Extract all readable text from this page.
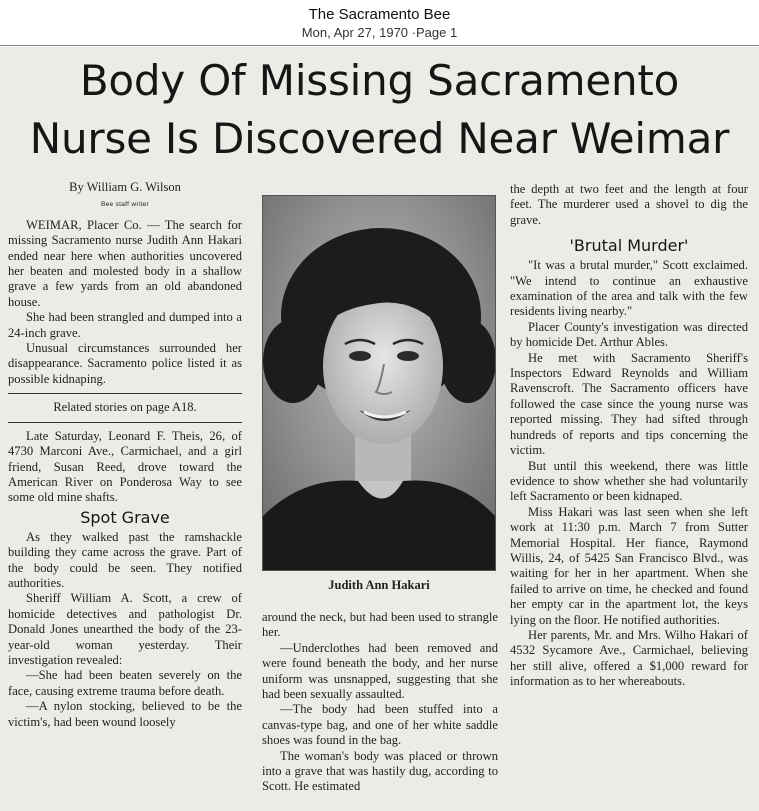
The Sacramento Bee
Mon, Apr 27, 1970 ·Page 1
Body Of Missing Sacramento
Nurse Is Discovered Near Weimar
By William G. Wilson
Bee staff writer

WEIMAR, Placer Co. — The search for missing Sacramento nurse Judith Ann Hakari ended near here when authorities uncovered her beaten and molested body in a shallow grave a few yards from an old abandoned house.

She had been strangled and dumped into a 24-inch grave.

Unusual circumstances surrounded her disappearance. Sacramento police listed it as possible kidnaping.

Related stories on page A18.

Late Saturday, Leonard F. Theis, 26, of 4730 Marconi Ave., Carmichael, and a girl friend, Susan Reed, drove toward the American River on Ponderosa Way to see some old mine shafts.

Spot Grave

As they walked past the ramshackle building they came across the grave. Part of the body could be seen. They notified authorities.

Sheriff William A. Scott, a crew of homicide detectives and pathologist Dr. Donald Jones unearthed the body of the 23-year-old woman yesterday. Their investigation revealed:

—She had been beaten severely on the face, causing extreme trauma before death.

—A nylon stocking, believed to be the victim's, had been wound loosely

Judith Ann Hakari

around the neck, but had been used to strangle her.

—Underclothes had been removed and were found beneath the body, and her nurse uniform was unsnapped, suggesting that she had been sexually assaulted.

—The body had been stuffed into a canvas-type bag, and one of her white saddle shoes was found in the bag.

The woman's body was placed or thrown into a grave that was hastily dug, according to Scott. He estimated

the depth at two feet and the length at four feet. The murderer used a shovel to dig the grave.

'Brutal Murder'

"It was a brutal murder," Scott exclaimed. "We intend to continue an exhaustive examination of the area and talk with the few residents living nearby."

Placer County's investigation was directed by homicide Det. Arthur Ables.

He met with Sacramento Sheriff's Inspectors Edward Reynolds and William Ravenscroft. The Sacramento officers have followed the case since the young nurse was reported missing. They had sifted through hundreds of reports and tips concerning the victim.

But until this weekend, there was little evidence to show whether she had voluntarily left Sacramento or been kidnaped.

Miss Hakari was last seen when she left work at 11:30 p.m. March 7 from Sutter Memorial Hospital. Her fiance, Raymond Willis, 24, of 5425 San Francisco Blvd., was waiting for her in her apartment. When she failed to arrive on time, he checked and found her empty car in the apartment lot, the keys lying on the floor. He notified authorities.

Her parents, Mr. and Mrs. Wilho Hakari of 4532 Sycamore Ave., Carmichael, believing her still alive, offered a $1,000 reward for information as to her whereabouts.
